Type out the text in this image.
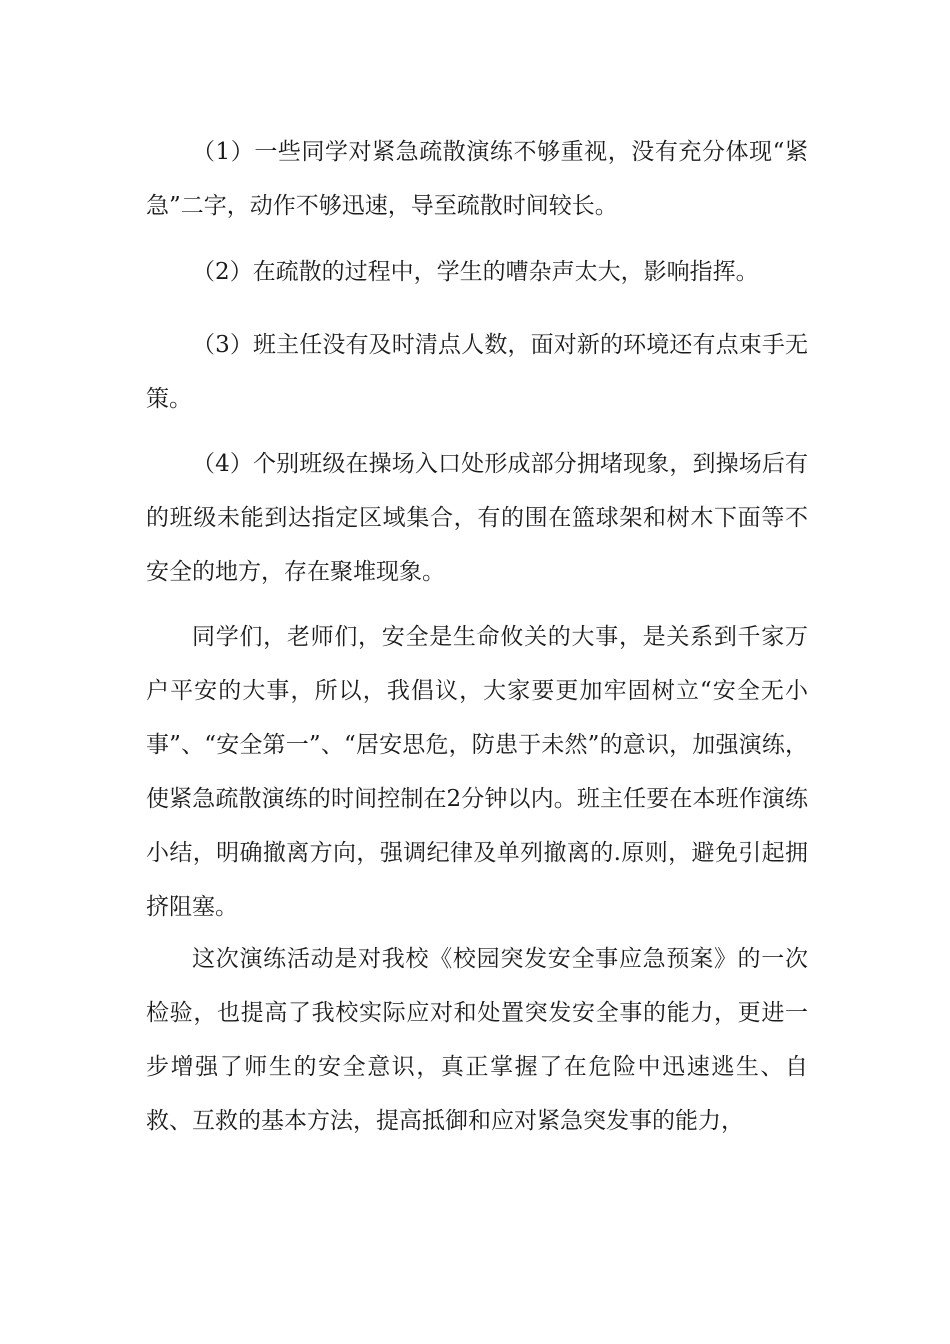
（1）一些同学对紧急疏散演练不够重视，没有充分体现“紧急”二字，动作不够迅速，导至疏散时间较长。

（2）在疏散的过程中，学生的嘈杂声太大，影响指挥。

（3）班主任没有及时清点人数，面对新的环境还有点束手无策。

（4）个别班级在操场入口处形成部分拥堵现象，到操场后有的班级未能到达指定区域集合，有的围在篮球架和树木下面等不安全的地方，存在聚堆现象。

同学们，老师们，安全是生命攸关的大事，是关系到千家万户平安的大事，所以，我倡议，大家要更加牢固树立“安全无小事”、“安全第一”、“居安思危，防患于未然”的意识，加强演练，使紧急疏散演练的时间控制在2分钟以内。班主任要在本班作演练小结，明确撤离方向，强调纪律及单列撤离的.原则，避免引起拥挤阻塞。

这次演练活动是对我校《校园突发安全事应急预案》的一次检验，也提高了我校实际应对和处置突发安全事的能力，更进一步增强了师生的安全意识，真正掌握了在危险中迅速逃生、自救、互救的基本方法，提高抵御和应对紧急突发事的能力，
